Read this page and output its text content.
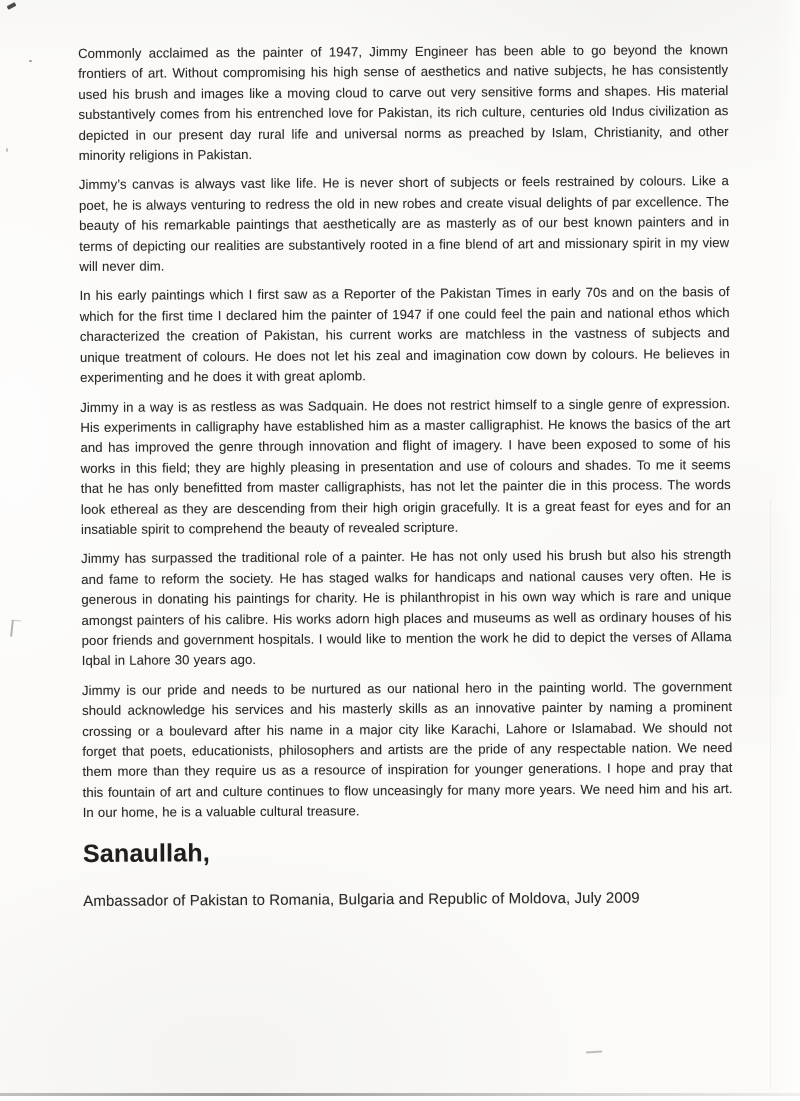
Commonly acclaimed as the painter of 1947, Jimmy Engineer has been able to go beyond the known frontiers of art. Without compromising his high sense of aesthetics and native subjects, he has consistently used his brush and images like a moving cloud to carve out very sensitive forms and shapes. His material substantively comes from his entrenched love for Pakistan, its rich culture, centuries old Indus civilization as depicted in our present day rural life and universal norms as preached by Islam, Christianity, and other minority religions in Pakistan.

Jimmy’s canvas is always vast like life. He is never short of subjects or feels restrained by colours. Like a poet, he is always venturing to redress the old in new robes and create visual delights of par excellence. The beauty of his remarkable paintings that aesthetically are as masterly as of our best known painters and in terms of depicting our realities are substantively rooted in a fine blend of art and missionary spirit in my view will never dim.

In his early paintings which I first saw as a Reporter of the Pakistan Times in early 70s and on the basis of which for the first time I declared him the painter of 1947 if one could feel the pain and national ethos which characterized the creation of Pakistan, his current works are matchless in the vastness of subjects and unique treatment of colours. He does not let his zeal and imagination cow down by colours. He believes in experimenting and he does it with great aplomb.

Jimmy in a way is as restless as was Sadquain. He does not restrict himself to a single genre of expression. His experiments in calligraphy have established him as a master calligraphist. He knows the basics of the art and has improved the genre through innovation and flight of imagery. I have been exposed to some of his works in this field; they are highly pleasing in presentation and use of colours and shades. To me it seems that he has only benefitted from master calligraphists, has not let the painter die in this process. The words look ethereal as they are descending from their high origin gracefully. It is a great feast for eyes and for an insatiable spirit to comprehend the beauty of revealed scripture.

Jimmy has surpassed the traditional role of a painter. He has not only used his brush but also his strength and fame to reform the society. He has staged walks for handicaps and national causes very often. He is generous in donating his paintings for charity. He is philanthropist in his own way which is rare and unique amongst painters of his calibre. His works adorn high places and museums as well as ordinary houses of his poor friends and government hospitals. I would like to mention the work he did to depict the verses of Allama Iqbal in Lahore 30 years ago.

Jimmy is our pride and needs to be nurtured as our national hero in the painting world. The government should acknowledge his services and his masterly skills as an innovative painter by naming a prominent crossing or a boulevard after his name in a major city like Karachi, Lahore or Islamabad. We should not forget that poets, educationists, philosophers and artists are the pride of any respectable nation. We need them more than they require us as a resource of inspiration for younger generations. I hope and pray that this fountain of art and culture continues to flow unceasingly for many more years. We need him and his art. In our home, he is a valuable cultural treasure.

Sanaullah,
Ambassador of Pakistan to Romania, Bulgaria and Republic of Moldova, July 2009
